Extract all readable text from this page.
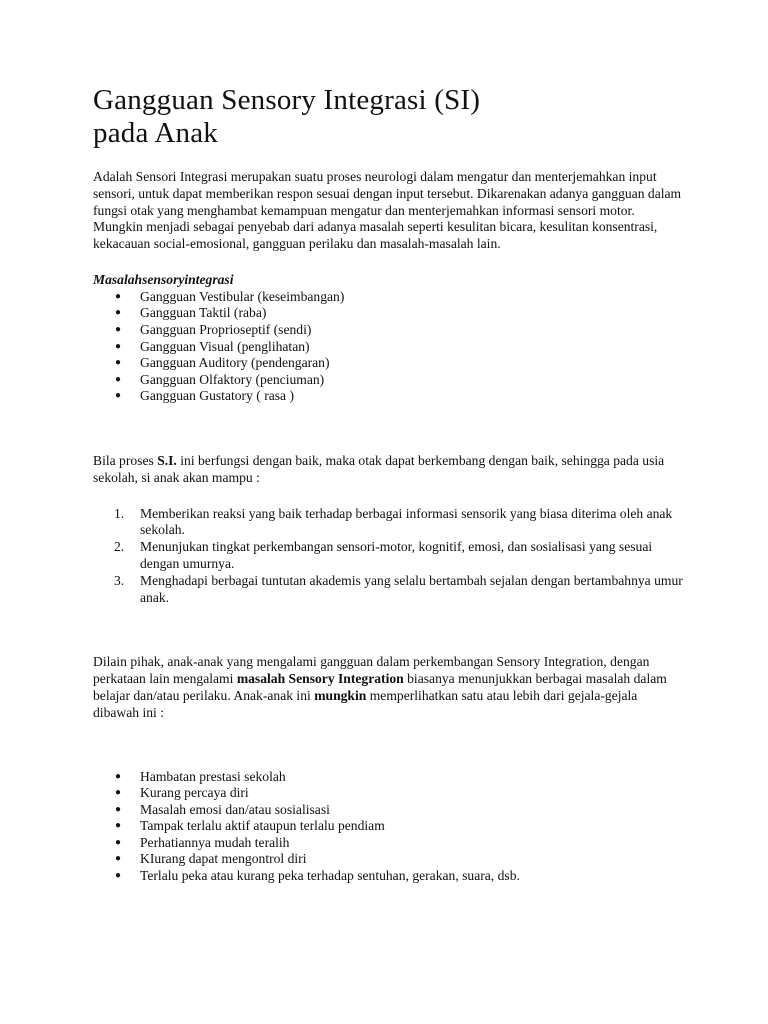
Gangguan Sensory Integrasi (SI)
pada Anak

Adalah Sensori Integrasi merupakan suatu proses neurologi dalam mengatur dan menterjemahkan input sensori, untuk dapat memberikan respon sesuai dengan input tersebut. Dikarenakan adanya gangguan dalam fungsi otak yang menghambat kemampuan mengatur dan menterjemahkan informasi sensori motor. Mungkin menjadi sebagai penyebab dari adanya masalah seperti kesulitan bicara, kesulitan konsentrasi, kekacauan social-emosional, gangguan perilaku dan masalah-masalah lain.

Masalahsensoryintegrasi

● Gangguan Vestibular (keseimbangan)
● Gangguan Taktil (raba)
● Gangguan Proprioseptif (sendi)
● Gangguan Visual (penglihatan)
● Gangguan Auditory (pendengaran)
● Gangguan Olfaktory (penciuman)
● Gangguan Gustatory ( rasa )

Bila proses S.I. ini berfungsi dengan baik, maka otak dapat berkembang dengan baik, sehingga pada usia sekolah, si anak akan mampu :

1. Memberikan reaksi yang baik terhadap berbagai informasi sensorik yang biasa diterima oleh anak sekolah.
2. Menunjukan tingkat perkembangan sensori-motor, kognitif, emosi, dan sosialisasi yang sesuai dengan umurnya.
3. Menghadapi berbagai tuntutan akademis yang selalu bertambah sejalan dengan bertambahnya umur anak.

Dilain pihak, anak-anak yang mengalami gangguan dalam perkembangan Sensory Integration, dengan perkataan lain mengalami masalah Sensory Integration biasanya menunjukkan berbagai masalah dalam belajar dan/atau perilaku. Anak-anak ini mungkin memperlihatkan satu atau lebih dari gejala-gejala dibawah ini :

● Hambatan prestasi sekolah
● Kurang percaya diri
● Masalah emosi dan/atau sosialisasi
● Tampak terlalu aktif ataupun terlalu pendiam
● Perhatiannya mudah teralih
● KIurang dapat mengontrol diri
● Terlalu peka atau kurang peka terhadap sentuhan, gerakan, suara, dsb.
